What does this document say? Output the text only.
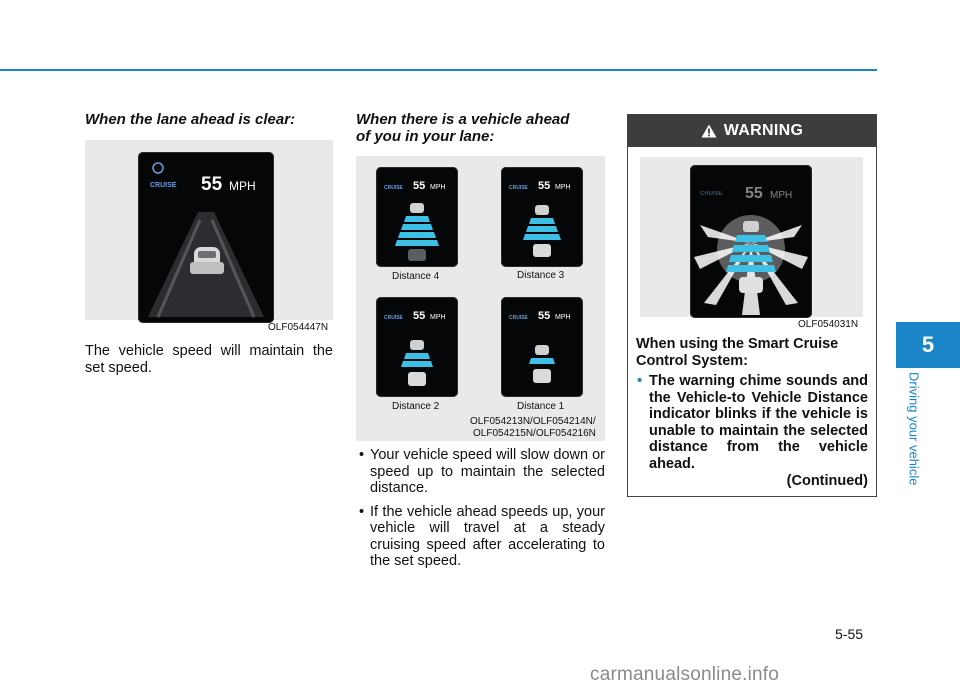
When the lane ahead is clear:
CRUISE 55 MPH
OLF054447N
The vehicle speed will maintain the set speed.
When there is a vehicle ahead
of you in your lane:
CRUISE 55 MPH	CRUISE 55 MPH
Distance 4	Distance 3
CRUISE 55 MPH	CRUISE 55 MPH
Distance 2	Distance 1
OLF054213N/OLF054214N/
OLF054215N/OLF054216N
• Your vehicle speed will slow down or speed up to maintain the selected distance.
• If the vehicle ahead speeds up, your vehicle will travel at a steady cruising speed after accelerating to the set speed.
WARNING
CRUISE 55 MPH
OLF054031N
When using the Smart Cruise Control System:
• The warning chime sounds and the Vehicle-to Vehicle Distance indicator blinks if the vehicle is unable to maintain the selected distance from the vehicle ahead.
(Continued)
5
Driving your vehicle
5-55
carmanualsonline.info
